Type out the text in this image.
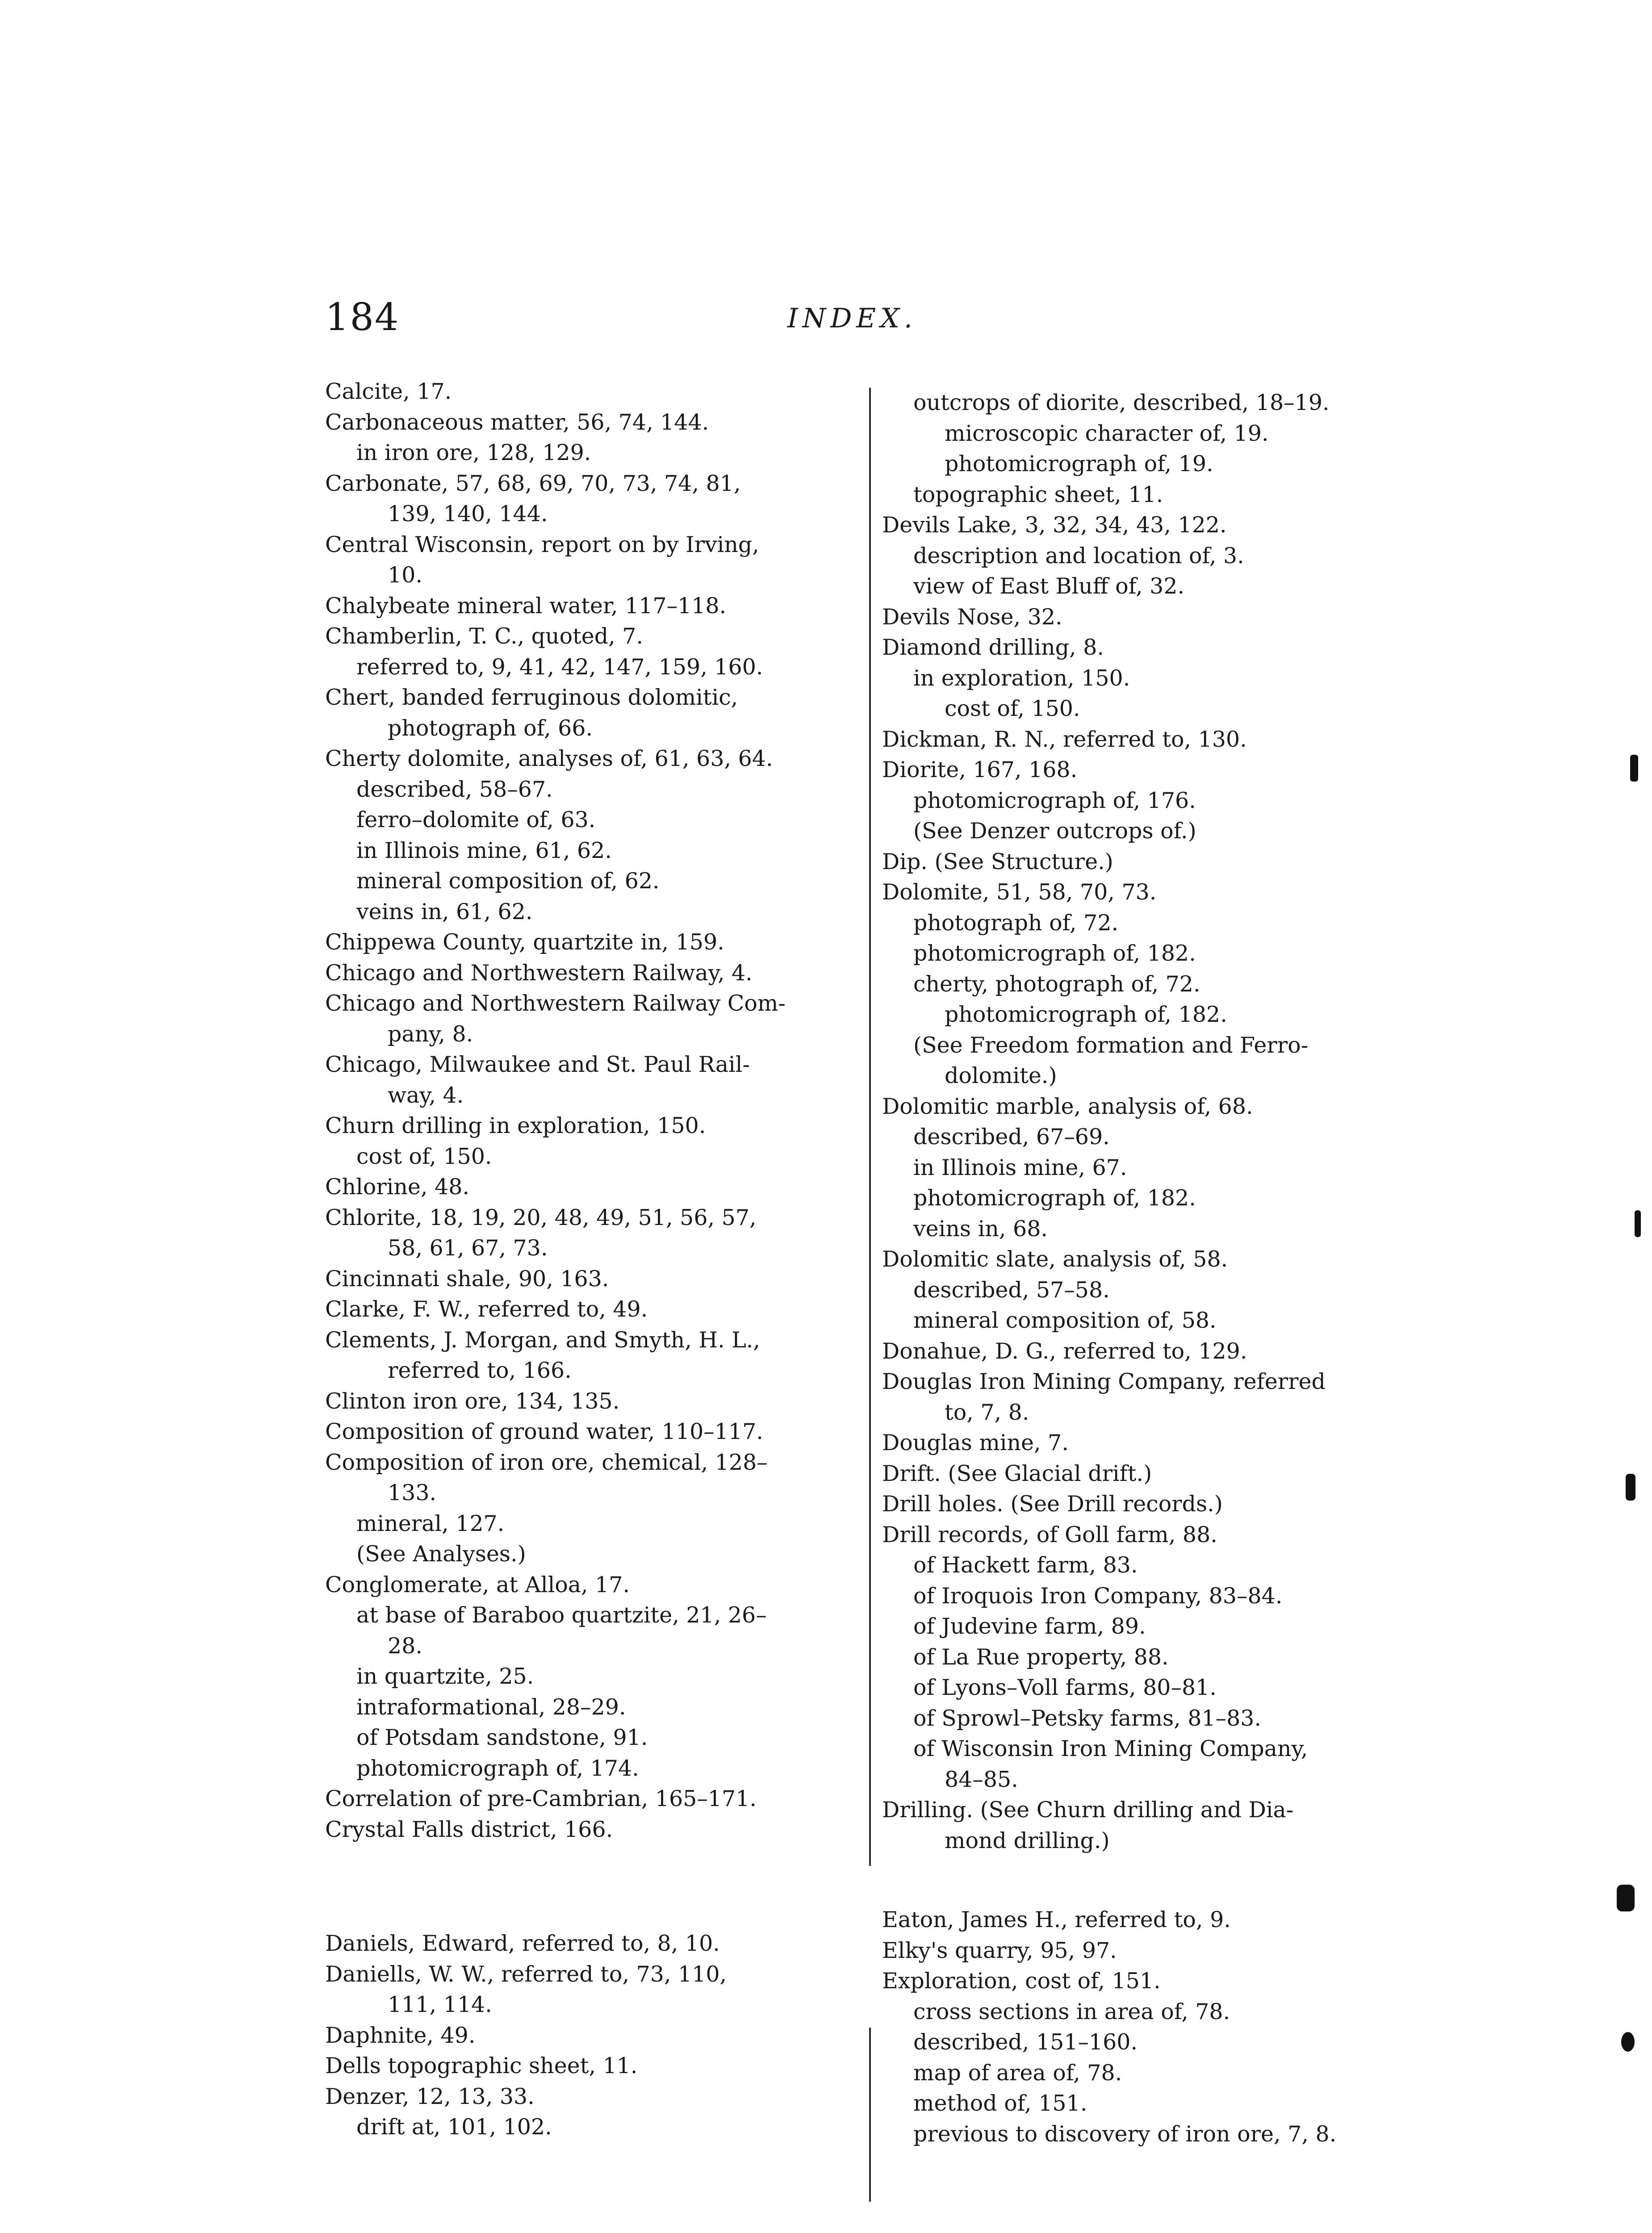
184	INDEX.
Calcite, 17.
Carbonaceous matter, 56, 74, 144.
in iron ore, 128, 129.
Carbonate, 57, 68, 69, 70, 73, 74, 81,
139, 140, 144.
Central Wisconsin, report on by Irving,
10.
Chalybeate mineral water, 117–118.
Chamberlin, T. C., quoted, 7.
referred to, 9, 41, 42, 147, 159, 160.
Chert, banded ferruginous dolomitic,
photograph of, 66.
Cherty dolomite, analyses of, 61, 63, 64.
described, 58–67.
ferro–dolomite of, 63.
in Illinois mine, 61, 62.
mineral composition of, 62.
veins in, 61, 62.
Chippewa County, quartzite in, 159.
Chicago and Northwestern Railway, 4.
Chicago and Northwestern Railway Com-
pany, 8.
Chicago, Milwaukee and St. Paul Rail-
way, 4.
Churn drilling in exploration, 150.
cost of, 150.
Chlorine, 48.
Chlorite, 18, 19, 20, 48, 49, 51, 56, 57,
58, 61, 67, 73.
Cincinnati shale, 90, 163.
Clarke, F. W., referred to, 49.
Clements, J. Morgan, and Smyth, H. L.,
referred to, 166.
Clinton iron ore, 134, 135.
Composition of ground water, 110–117.
Composition of iron ore, chemical, 128–
133.
mineral, 127.
(See Analyses.)
Conglomerate, at Alloa, 17.
at base of Baraboo quartzite, 21, 26–
28.
in quartzite, 25.
intraformational, 28–29.
of Potsdam sandstone, 91.
photomicrograph of, 174.
Correlation of pre-Cambrian, 165–171.
Crystal Falls district, 166.
Daniels, Edward, referred to, 8, 10.
Daniells, W. W., referred to, 73, 110,
111, 114.
Daphnite, 49.
Dells topographic sheet, 11.
Denzer, 12, 13, 33.
drift at, 101, 102.
outcrops of diorite, described, 18–19.
microscopic character of, 19.
photomicrograph of, 19.
topographic sheet, 11.
Devils Lake, 3, 32, 34, 43, 122.
description and location of, 3.
view of East Bluff of, 32.
Devils Nose, 32.
Diamond drilling, 8.
in exploration, 150.
cost of, 150.
Dickman, R. N., referred to, 130.
Diorite, 167, 168.
photomicrograph of, 176.
(See Denzer outcrops of.)
Dip. (See Structure.)
Dolomite, 51, 58, 70, 73.
photograph of, 72.
photomicrograph of, 182.
cherty, photograph of, 72.
photomicrograph of, 182.
(See Freedom formation and Ferro-
dolomite.)
Dolomitic marble, analysis of, 68.
described, 67–69.
in Illinois mine, 67.
photomicrograph of, 182.
veins in, 68.
Dolomitic slate, analysis of, 58.
described, 57–58.
mineral composition of, 58.
Donahue, D. G., referred to, 129.
Douglas Iron Mining Company, referred
to, 7, 8.
Douglas mine, 7.
Drift. (See Glacial drift.)
Drill holes. (See Drill records.)
Drill records, of Goll farm, 88.
of Hackett farm, 83.
of Iroquois Iron Company, 83–84.
of Judevine farm, 89.
of La Rue property, 88.
of Lyons–Voll farms, 80–81.
of Sprowl–Petsky farms, 81–83.
of Wisconsin Iron Mining Company,
84–85.
Drilling. (See Churn drilling and Dia-
mond drilling.)
Eaton, James H., referred to, 9.
Elky's quarry, 95, 97.
Exploration, cost of, 151.
cross sections in area of, 78.
described, 151–160.
map of area of, 78.
method of, 151.
previous to discovery of iron ore, 7, 8.
